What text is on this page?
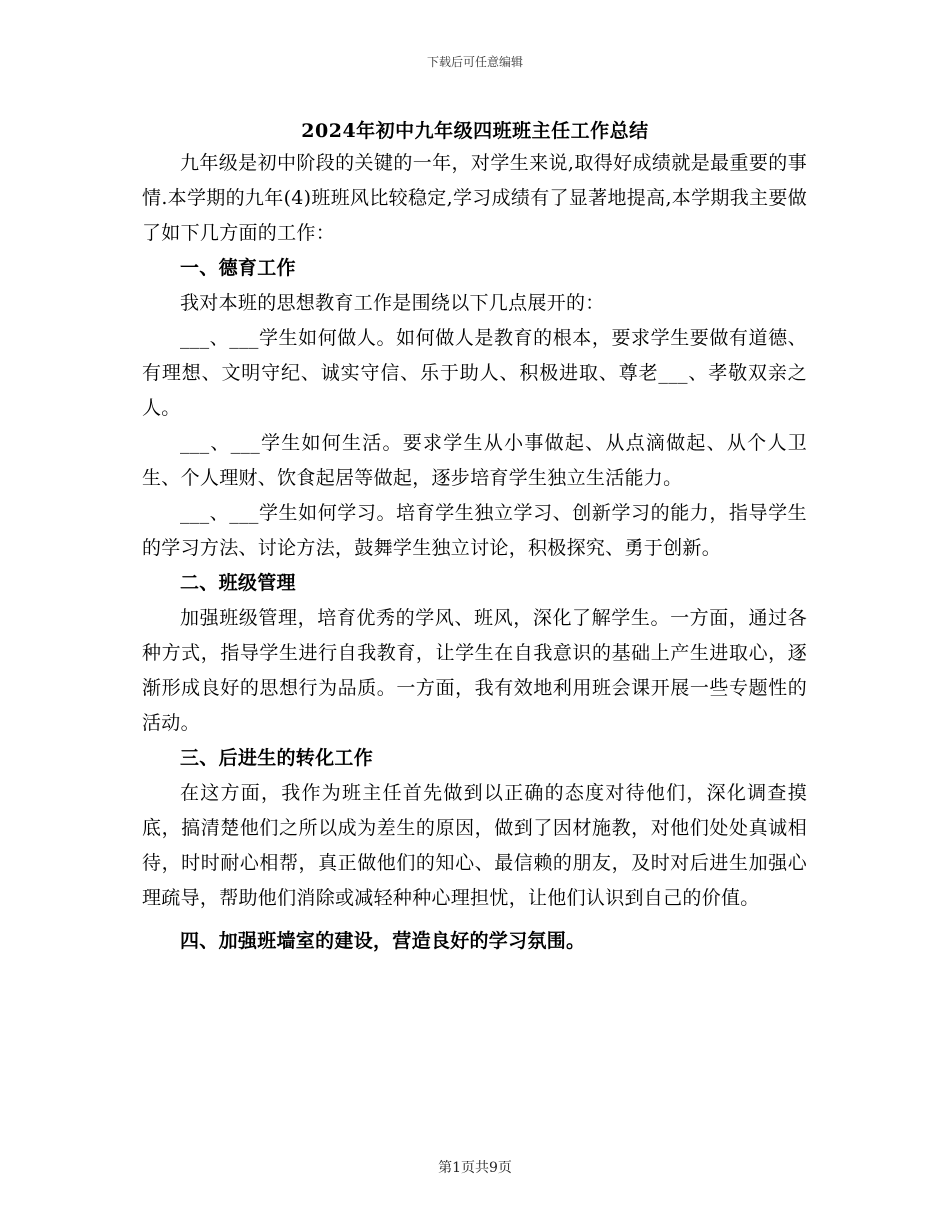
下载后可任意编辑
2024年初中九年级四班班主任工作总结

九年级是初中阶段的关键的一年，对学生来说,取得好成绩就是最重要的事情.本学期的九年(4)班班风比较稳定,学习成绩有了显著地提高,本学期我主要做了如下几方面的工作：

一、德育工作

我对本班的思想教育工作是围绕以下几点展开的：

___、___学生如何做人。如何做人是教育的根本，要求学生要做有道德、有理想、文明守纪、诚实守信、乐于助人、积极进取、尊老___、孝敬双亲之人。

___、___学生如何生活。要求学生从小事做起、从点滴做起、从个人卫生、个人理财、饮食起居等做起，逐步培育学生独立生活能力。

___、___学生如何学习。培育学生独立学习、创新学习的能力，指导学生的学习方法、讨论方法，鼓舞学生独立讨论，积极探究、勇于创新。

二、班级管理

加强班级管理，培育优秀的学风、班风，深化了解学生。一方面，通过各种方式，指导学生进行自我教育，让学生在自我意识的基础上产生进取心，逐渐形成良好的思想行为品质。一方面，我有效地利用班会课开展一些专题性的活动。

三、后进生的转化工作

在这方面，我作为班主任首先做到以正确的态度对待他们，深化调查摸底，搞清楚他们之所以成为差生的原因，做到了因材施教，对他们处处真诚相待，时时耐心相帮，真正做他们的知心、最信赖的朋友，及时对后进生加强心理疏导，帮助他们消除或减轻种种心理担忧，让他们认识到自己的价值。

四、加强班墙室的建设，营造良好的学习氛围。
第1页共9页
